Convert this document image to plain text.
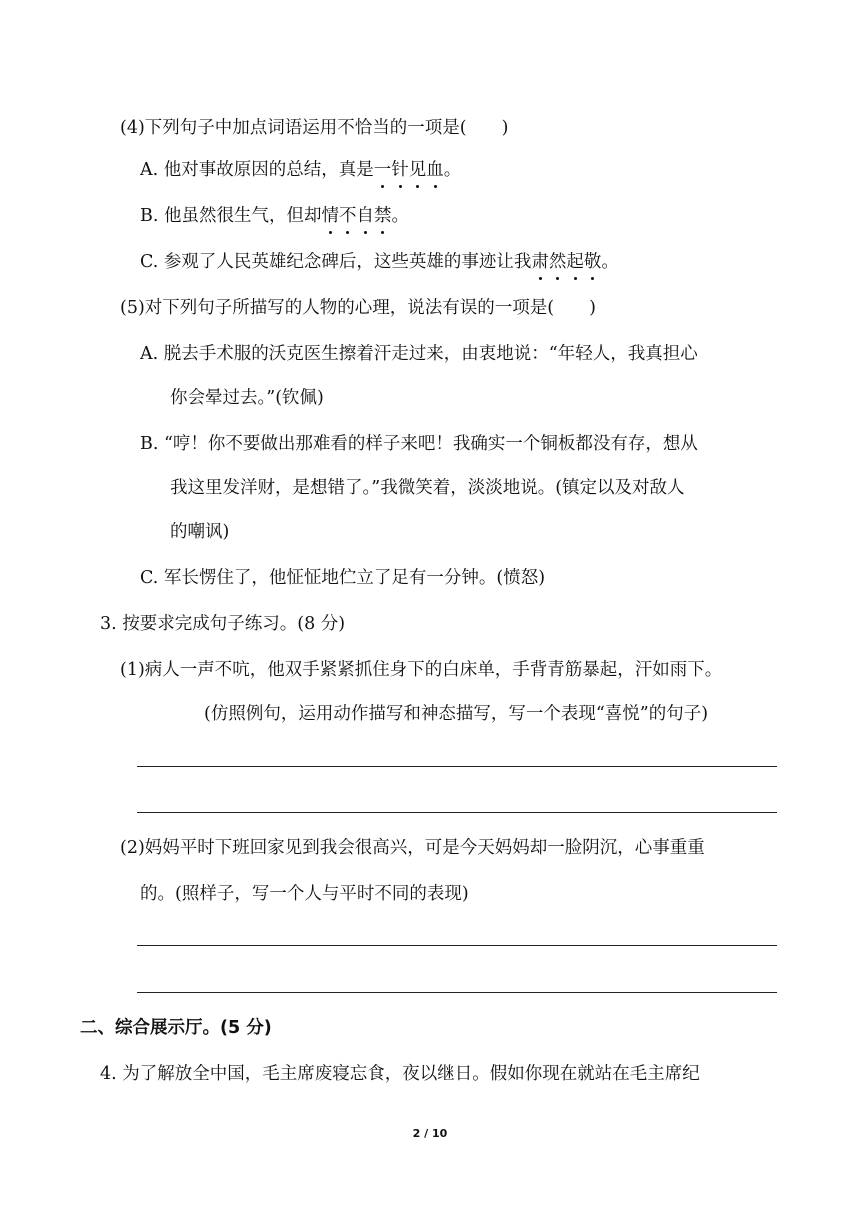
(4)下列句子中加点词语运用不恰当的一项是(　　)
A. 他对事故原因的总结，真是一针见血。
B. 他虽然很生气，但却情不自禁。
C. 参观了人民英雄纪念碑后，这些英雄的事迹让我肃然起敬。
(5)对下列句子所描写的人物的心理，说法有误的一项是(　　)
A. 脱去手术服的沃克医生擦着汗走过来，由衷地说：“年轻人，我真担心
你会晕过去。”(钦佩)
B. “哼！你不要做出那难看的样子来吧！我确实一个铜板都没有存，想从
我这里发洋财，是想错了。”我微笑着，淡淡地说。(镇定以及对敌人
的嘲讽)
C. 军长愣住了，他怔怔地伫立了足有一分钟。(愤怒)
3. 按要求完成句子练习。(8 分)
(1)病人一声不吭，他双手紧紧抓住身下的白床单，手背青筋暴起，汗如雨下。
(仿照例句，运用动作描写和神态描写，写一个表现“喜悦”的句子)
(2)妈妈平时下班回家见到我会很高兴，可是今天妈妈却一脸阴沉，心事重重
的。(照样子，写一个人与平时不同的表现)
二、综合展示厅。(5 分)
4. 为了解放全中国，毛主席废寝忘食，夜以继日。假如你现在就站在毛主席纪
2 / 10
